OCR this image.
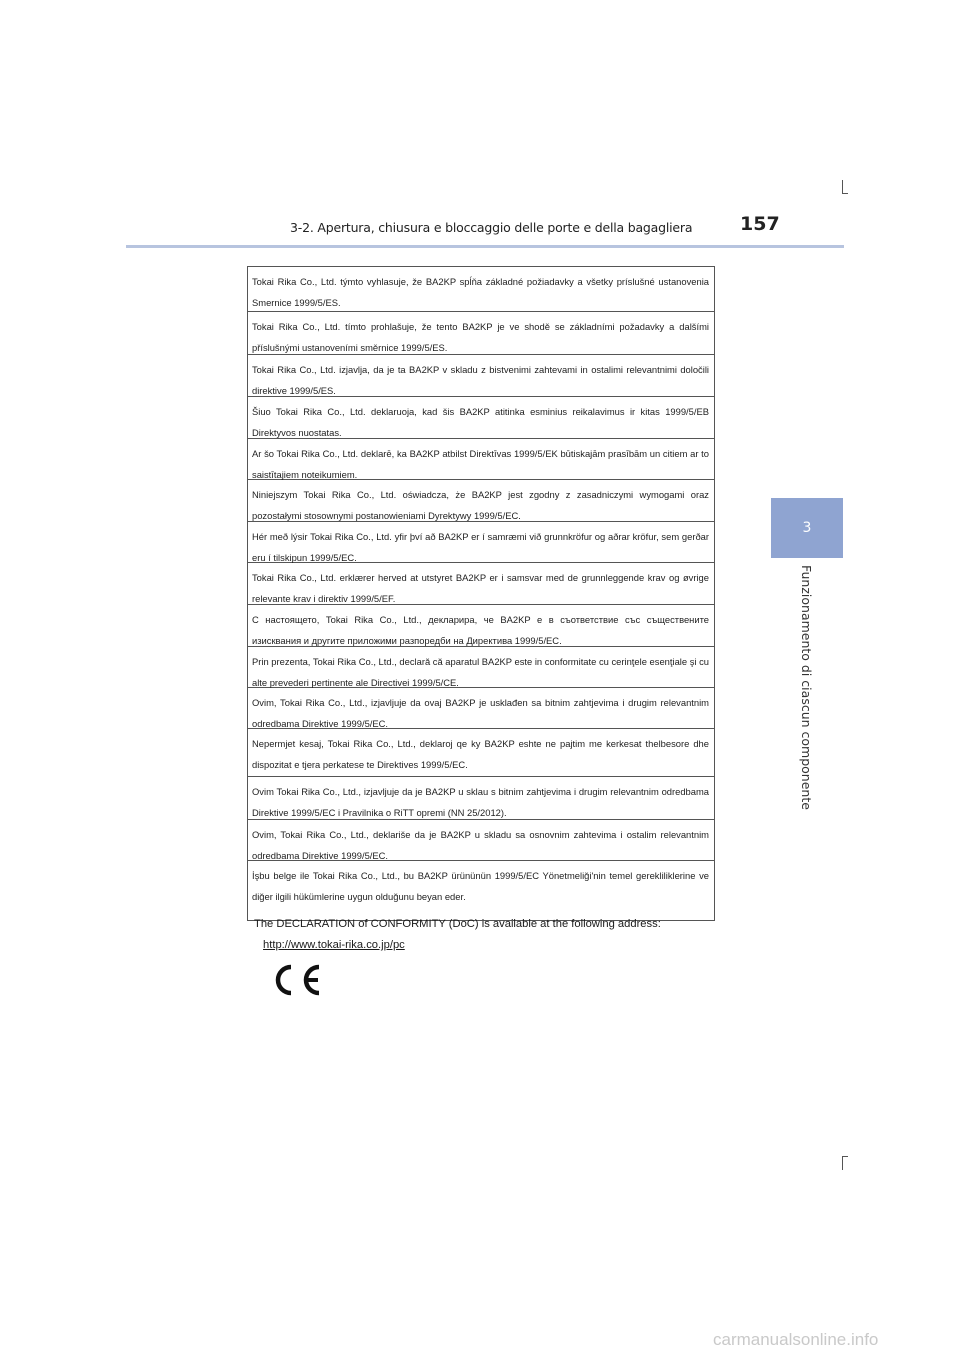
3-2. Apertura, chiusura e bloccaggio delle porte e della bagagliera	157
3
Funzionamento di ciascun componente
Tokai Rika Co., Ltd. týmto vyhlasuje, že BA2KP spĺňa základné požiadavky a všetky príslušné ustanovenia Smernice 1999/5/ES.
Tokai Rika Co., Ltd. tímto prohlašuje, že tento BA2KP je ve shodě se základními požadavky a dalšími příslušnými ustanoveními směrnice 1999/5/ES.
Tokai Rika Co., Ltd. izjavlja, da je ta BA2KP v skladu z bistvenimi zahtevami in ostalimi relevantnimi določili direktive 1999/5/ES.
Šiuo Tokai Rika Co., Ltd. deklaruoja, kad šis BA2KP atitinka esminius reikalavimus ir kitas 1999/5/EB Direktyvos nuostatas.
Ar šo Tokai Rika Co., Ltd. deklarē, ka BA2KP atbilst Direktīvas 1999/5/EK būtiskajām prasībām un citiem ar to saistītajiem noteikumiem.
Niniejszym Tokai Rika Co., Ltd. oświadcza, że BA2KP jest zgodny z zasadniczymi wymogami oraz pozostałymi stosownymi postanowieniami Dyrektywy 1999/5/EC.
Hér með lýsir Tokai Rika Co., Ltd. yfir því að BA2KP er í samræmi við grunnkröfur og aðrar kröfur, sem gerðar eru í tilskipun 1999/5/EC.
Tokai Rika Co., Ltd. erklærer herved at utstyret BA2KP er i samsvar med de grunnleggende krav og øvrige relevante krav i direktiv 1999/5/EF.
С настоящето, Tokai Rika Co., Ltd., декларира, че BA2KP е в съответствие със съществените изисквания и другите приложими разпоредби на Директива 1999/5/EC.
Prin prezenta, Tokai Rika Co., Ltd., declară că aparatul BA2KP este in conformitate cu cerinţele esenţiale şi cu alte prevederi pertinente ale Directivei 1999/5/CE.
Ovim, Tokai Rika Co., Ltd., izjavljuje da ovaj BA2KP je usklađen sa bitnim zahtjevima i drugim relevantnim odredbama Direktive 1999/5/EC.
Nepermjet kesaj, Tokai Rika Co., Ltd., deklaroj qe ky BA2KP eshte ne pajtim me kerkesat thelbesore dhe dispozitat e tjera perkatese te Direktives 1999/5/EC.
Ovim Tokai Rika Co., Ltd., izjavljuje da je BA2KP u sklau s bitnim zahtjevima i drugim relevantnim odredbama Direktive 1999/5/EC i Pravilnika o RiTT opremi (NN 25/2012).
Ovim, Tokai Rika Co., Ltd., deklariše da je BA2KP u skladu sa osnovnim zahtevima i ostalim relevantnim odredbama Direktive 1999/5/EC.
İşbu belge ile Tokai Rika Co., Ltd., bu BA2KP ürününün 1999/5/EC Yönetmeliği'nin temel gerekliliklerine ve diğer ilgili hükümlerine uygun olduğunu beyan eder.
The DECLARATION of CONFORMITY (DoC) is available at the following address:
http://www.tokai-rika.co.jp/pc
carmanualsonline.info
